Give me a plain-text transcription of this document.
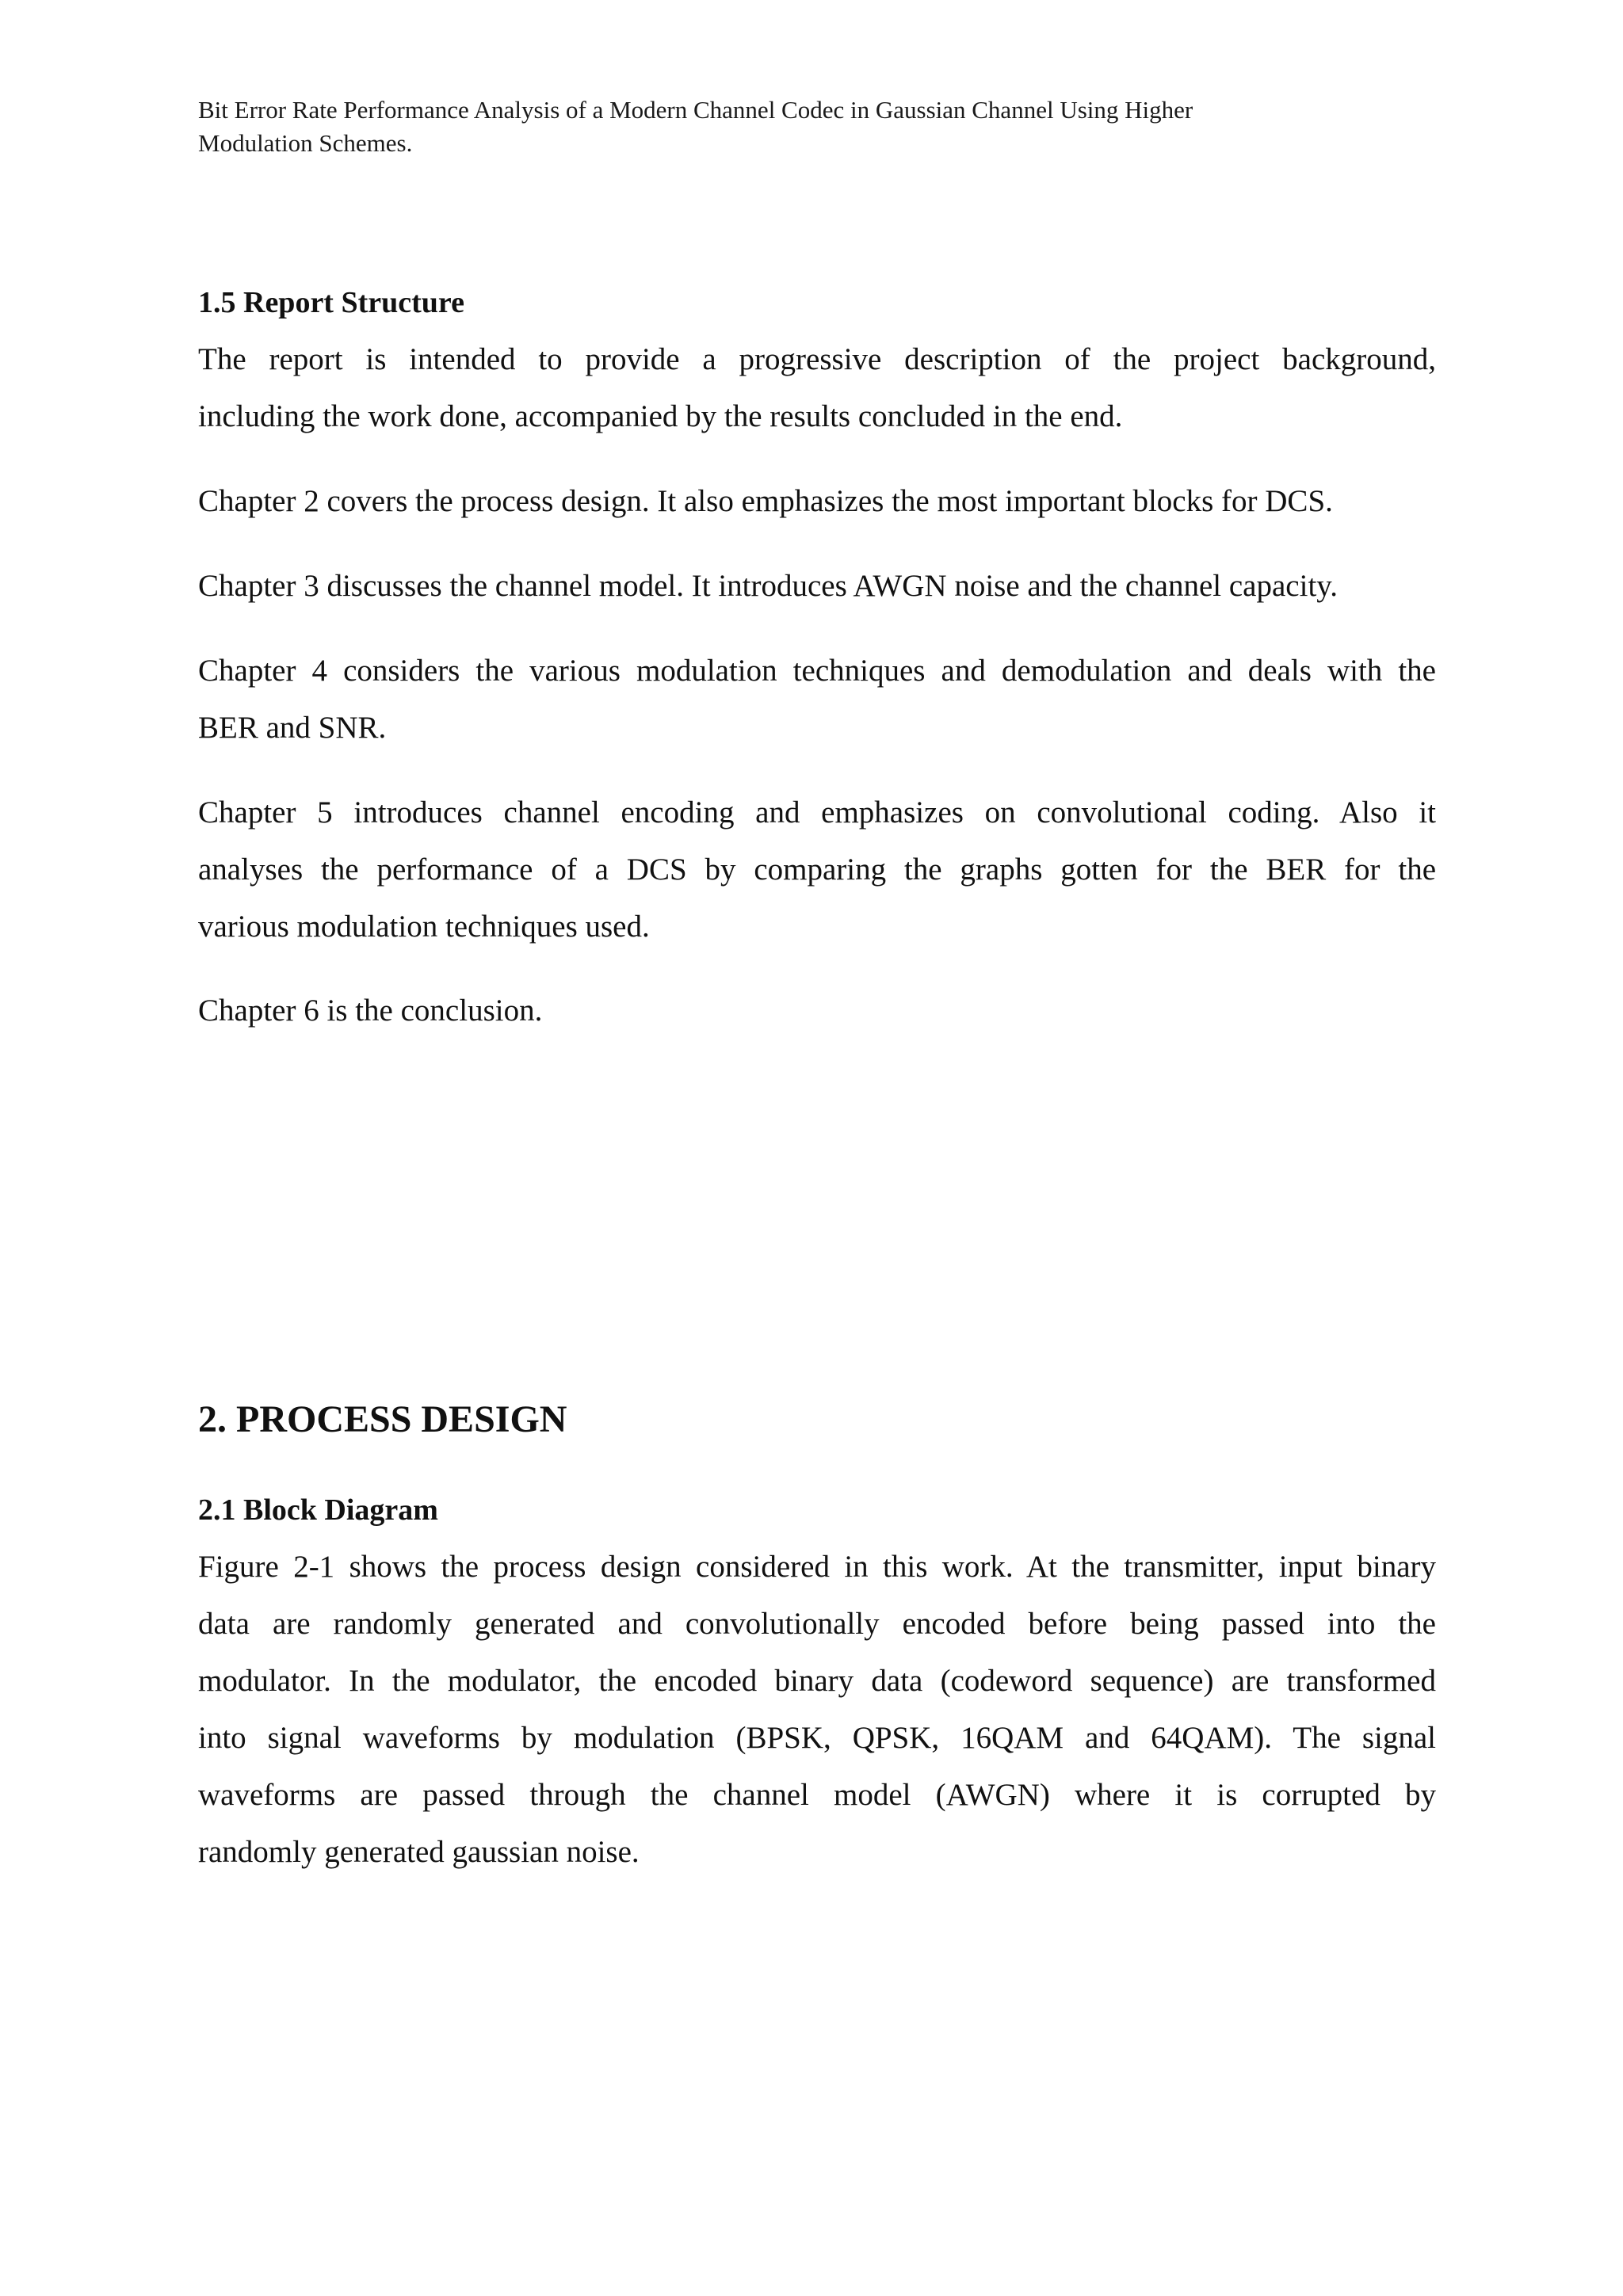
Bit Error Rate Performance Analysis of a Modern Channel Codec in Gaussian Channel Using Higher
Modulation Schemes.
1.5 Report Structure
The report is intended to provide a progressive description of the project background,
including the work done, accompanied by the results concluded in the end.
Chapter 2 covers the process design. It also emphasizes the most important blocks for DCS.
Chapter 3 discusses the channel model. It introduces AWGN noise and the channel capacity.
Chapter 4 considers the various modulation techniques and demodulation and deals with the
BER and SNR.
Chapter 5 introduces channel encoding and emphasizes on convolutional coding. Also it
analyses the performance of a DCS by comparing the graphs gotten for the BER for the
various modulation techniques used.
Chapter 6 is the conclusion.
2. PROCESS DESIGN
2.1 Block Diagram
Figure 2-1 shows the process design considered in this work. At the transmitter, input binary
data are randomly generated and convolutionally encoded before being passed into the
modulator. In the modulator, the encoded binary data (codeword sequence) are transformed
into signal waveforms by modulation (BPSK, QPSK, 16QAM and 64QAM). The signal
waveforms are passed through the channel model (AWGN) where it is corrupted by
randomly generated gaussian noise.
